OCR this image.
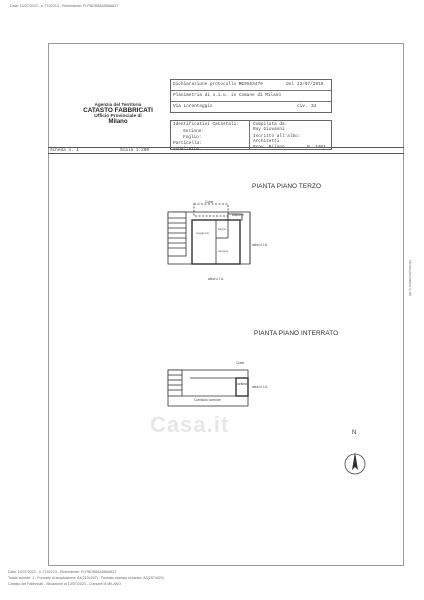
Data: 10/07/2023 - n. T152213 - Richiedente: FLPNDR66A58A662Y
Agenzia del Territorio
CATASTO FABBRICATI
Ufficio Provinciale di
Milano
Dichiarazione protocollo n.
MI0553479	del 13/07/2010
Planimetria di u.i.u. in Comune di Milano
Via Lorenteggio	civ. 34
Identificativi Catastali:
Sezione:
Foglio:
Particella:
Subalterno:
Compilata da:
Roy Giovanni
Iscritto all'albo:
Architetti
Prov. Milano	N. 3403
Scheda n. 1	Scala 1:200
PIANTA PIANO TERZO
PIANTA PIANO INTERRATO
soggiorno
bagno
camera
Corte
balcone
altra U.I.U.
altra U.I.U.
Corte
altra U.I.U.
Corridoio comune
cantina
Casa.it	N
Ultima planimetria in atti
Data: 10/07/2023 - n. T152213 - Richiedente: FLPNDR66A58A662Y
Totale schede: 1 - Formato di acquisizione: A4(210x297) - Formato stampa richiesto: A3(297x420)
Catasto dei Fabbricati - Situazione al 10/07/2023 - Comune di MILANO
